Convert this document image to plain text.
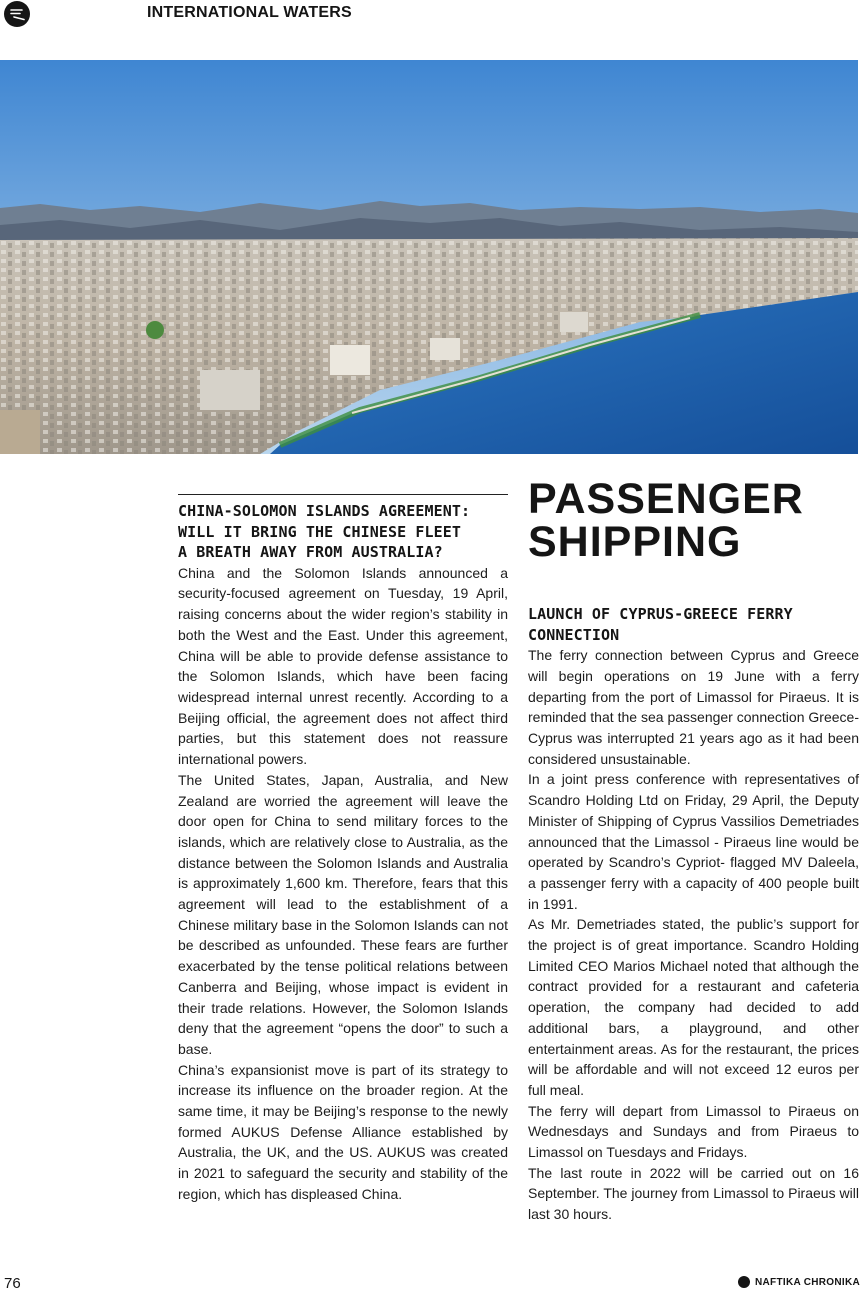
INTERNATIONAL WATERS

CHINA-SOLOMON ISLANDS AGREEMENT:

WILL IT BRING THE CHINESE FLEET

A BREATH AWAY FROM AUSTRALIA?

China and the Solomon Islands announced a security-focused agreement on Tuesday, 19 April, raising concerns about the wider region’s stability in both the West and the East. Under this agreement, China will be able to provide defense assistance to the Solomon Islands, which have been facing widespread internal unrest recently. According to a Beijing official, the agreement does not affect third parties, but this statement does not reassure international powers.

The United States, Japan, Australia, and New Zealand are worried the agreement will leave the door open for China to send military forces to the islands, which are relatively close to Australia, as the distance between the Solomon Islands and Australia is approximately 1,600 km. Therefore, fears that this agreement will lead to the establishment of a Chinese military base in the Solomon Islands can not be described as unfounded. These fears are further exacerbated by the tense political relations between Canberra and Beijing, whose impact is evident in their trade relations. However, the Solomon Islands deny that the agreement “opens the door” to such a base.

China’s expansionist move is part of its strategy to increase its influence on the broader region. At the same time, it may be Beijing’s response to the newly formed AUKUS Defense Alliance established by Australia, the UK, and the US. AUKUS was created in 2021 to safeguard the security and stability of the region, which has displeased China.

PASSENGER

SHIPPING

LAUNCH OF CYPRUS-GREECE FERRY

CONNECTION

The ferry connection between Cyprus and Greece will begin operations on 19 June with a ferry departing from the port of Limassol for Piraeus. It is reminded that the sea passenger connection Greece-Cyprus was interrupted 21 years ago as it had been considered unsustainable.

In a joint press conference with representatives of Scandro Holding Ltd on Friday, 29 April, the Deputy Minister of Shipping of Cyprus Vassilios Demetriades announced that the Limassol - Piraeus line would be operated by Scandro’s Cypriot- flagged MV Daleela, a passenger ferry with a capacity of 400 people built in 1991.

As Mr. Demetriades stated, the public’s support for the project is of great importance. Scandro Holding Limited CEO Marios Michael noted that although the contract provided for a restaurant and cafeteria operation, the company had decided to add additional bars, a playground, and other entertainment areas. As for the restaurant, the prices will be affordable and will not exceed 12 euros per full meal.

The ferry will depart from Limassol to Piraeus on Wednesdays and Sundays and from Piraeus to Limassol on Tuesdays and Fridays.

The last route in 2022 will be carried out on 16 September. The journey from Limassol to Piraeus will last 30 hours.

76	NAFTIKA CHRONIKA
